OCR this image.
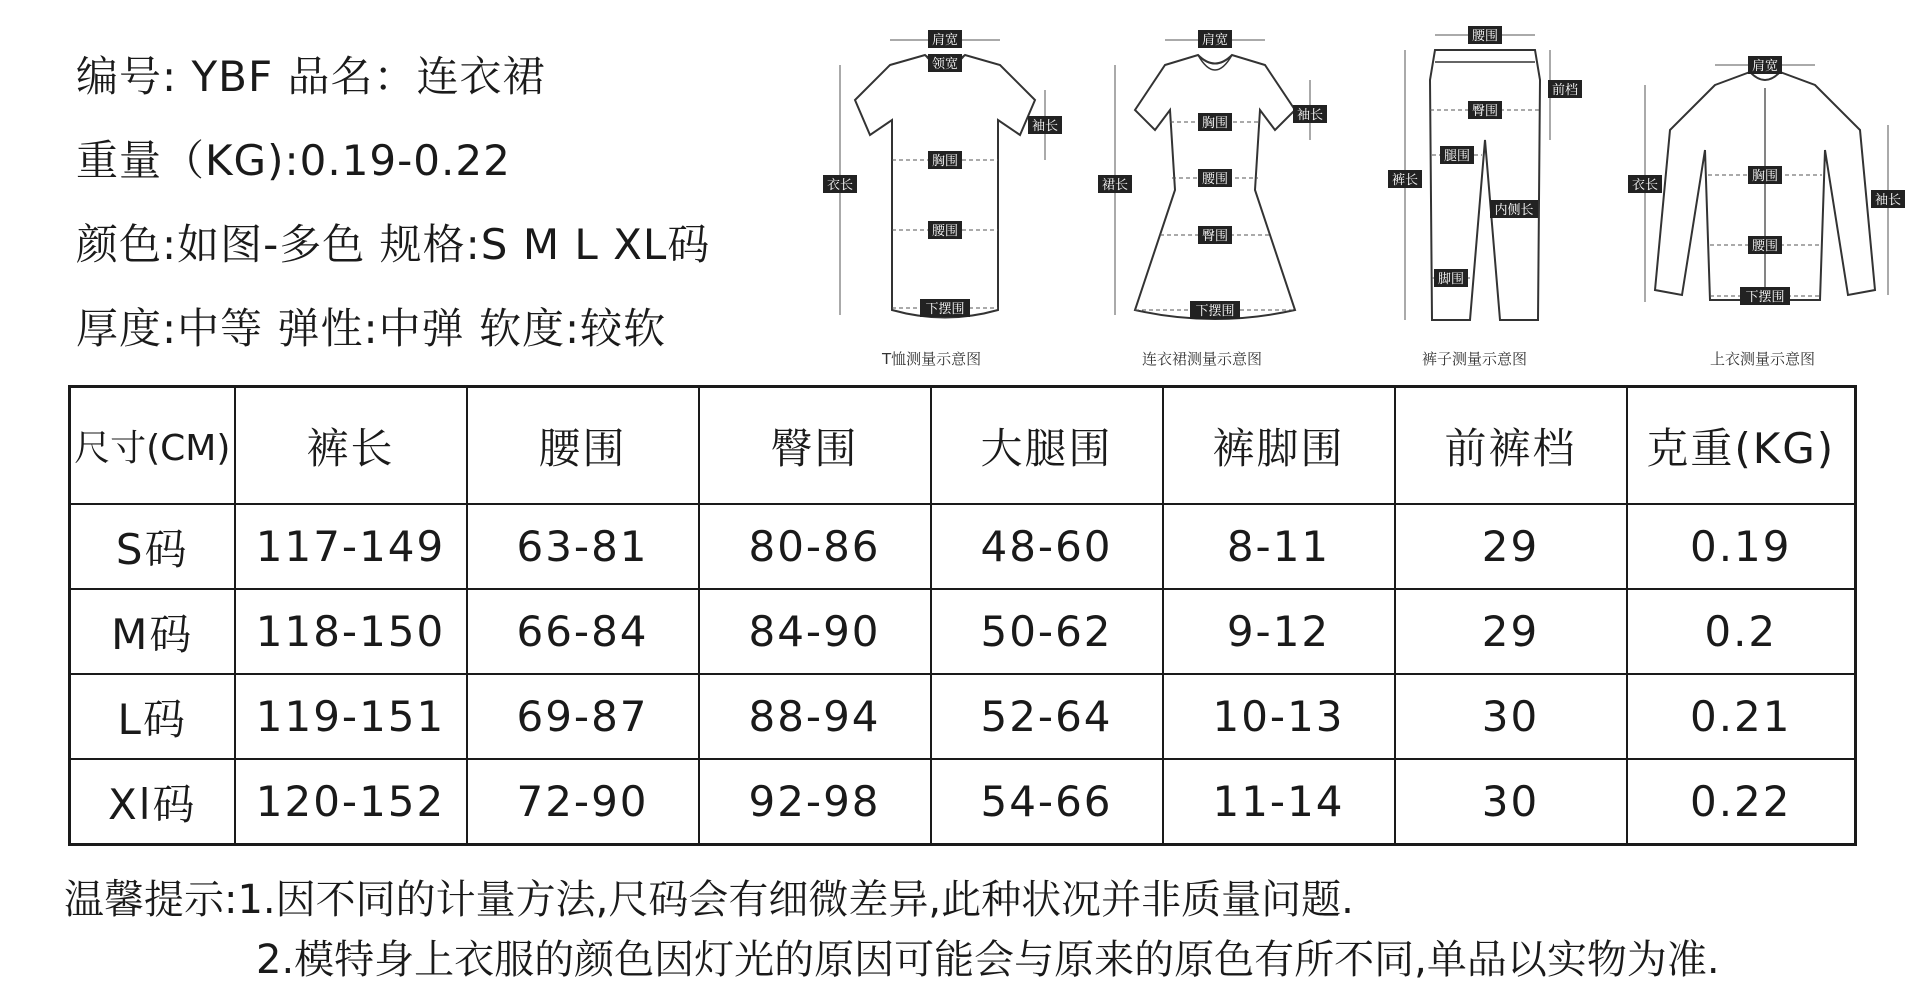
编号: YBF 品名：连衣裙
重量（KG):0.19-0.22
颜色:如图-多色 规格:S M L XL码
厚度:中等 弹性:中弹 软度:较软
肩宽
领宽
袖长
衣长
胸围
腰围
下摆围
T恤测量示意图
肩宽
袖长
裙长
胸围
腰围
臀围
下摆围
连衣裙测量示意图
腰围
前档
臀围
裤长
腿围
内侧长
脚围
裤子测量示意图
肩宽
衣长
胸围
袖长
腰围
下摆围
上衣测量示意图
尺寸(CM)	裤长	腰围	臀围	大腿围	裤脚围	前裤档	克重(KG)
S码	117-149	63-81	80-86	48-60	8-11	29	0.19
M码	118-150	66-84	84-90	50-62	9-12	29	0.2
L码	119-151	69-87	88-94	52-64	10-13	30	0.21
Xl码	120-152	72-90	92-98	54-66	11-14	30	0.22
温馨提示:1.因不同的计量方法,尺码会有细微差异,此种状况并非质量问题.
2.模特身上衣服的颜色因灯光的原因可能会与原来的原色有所不同,单品以实物为准.
